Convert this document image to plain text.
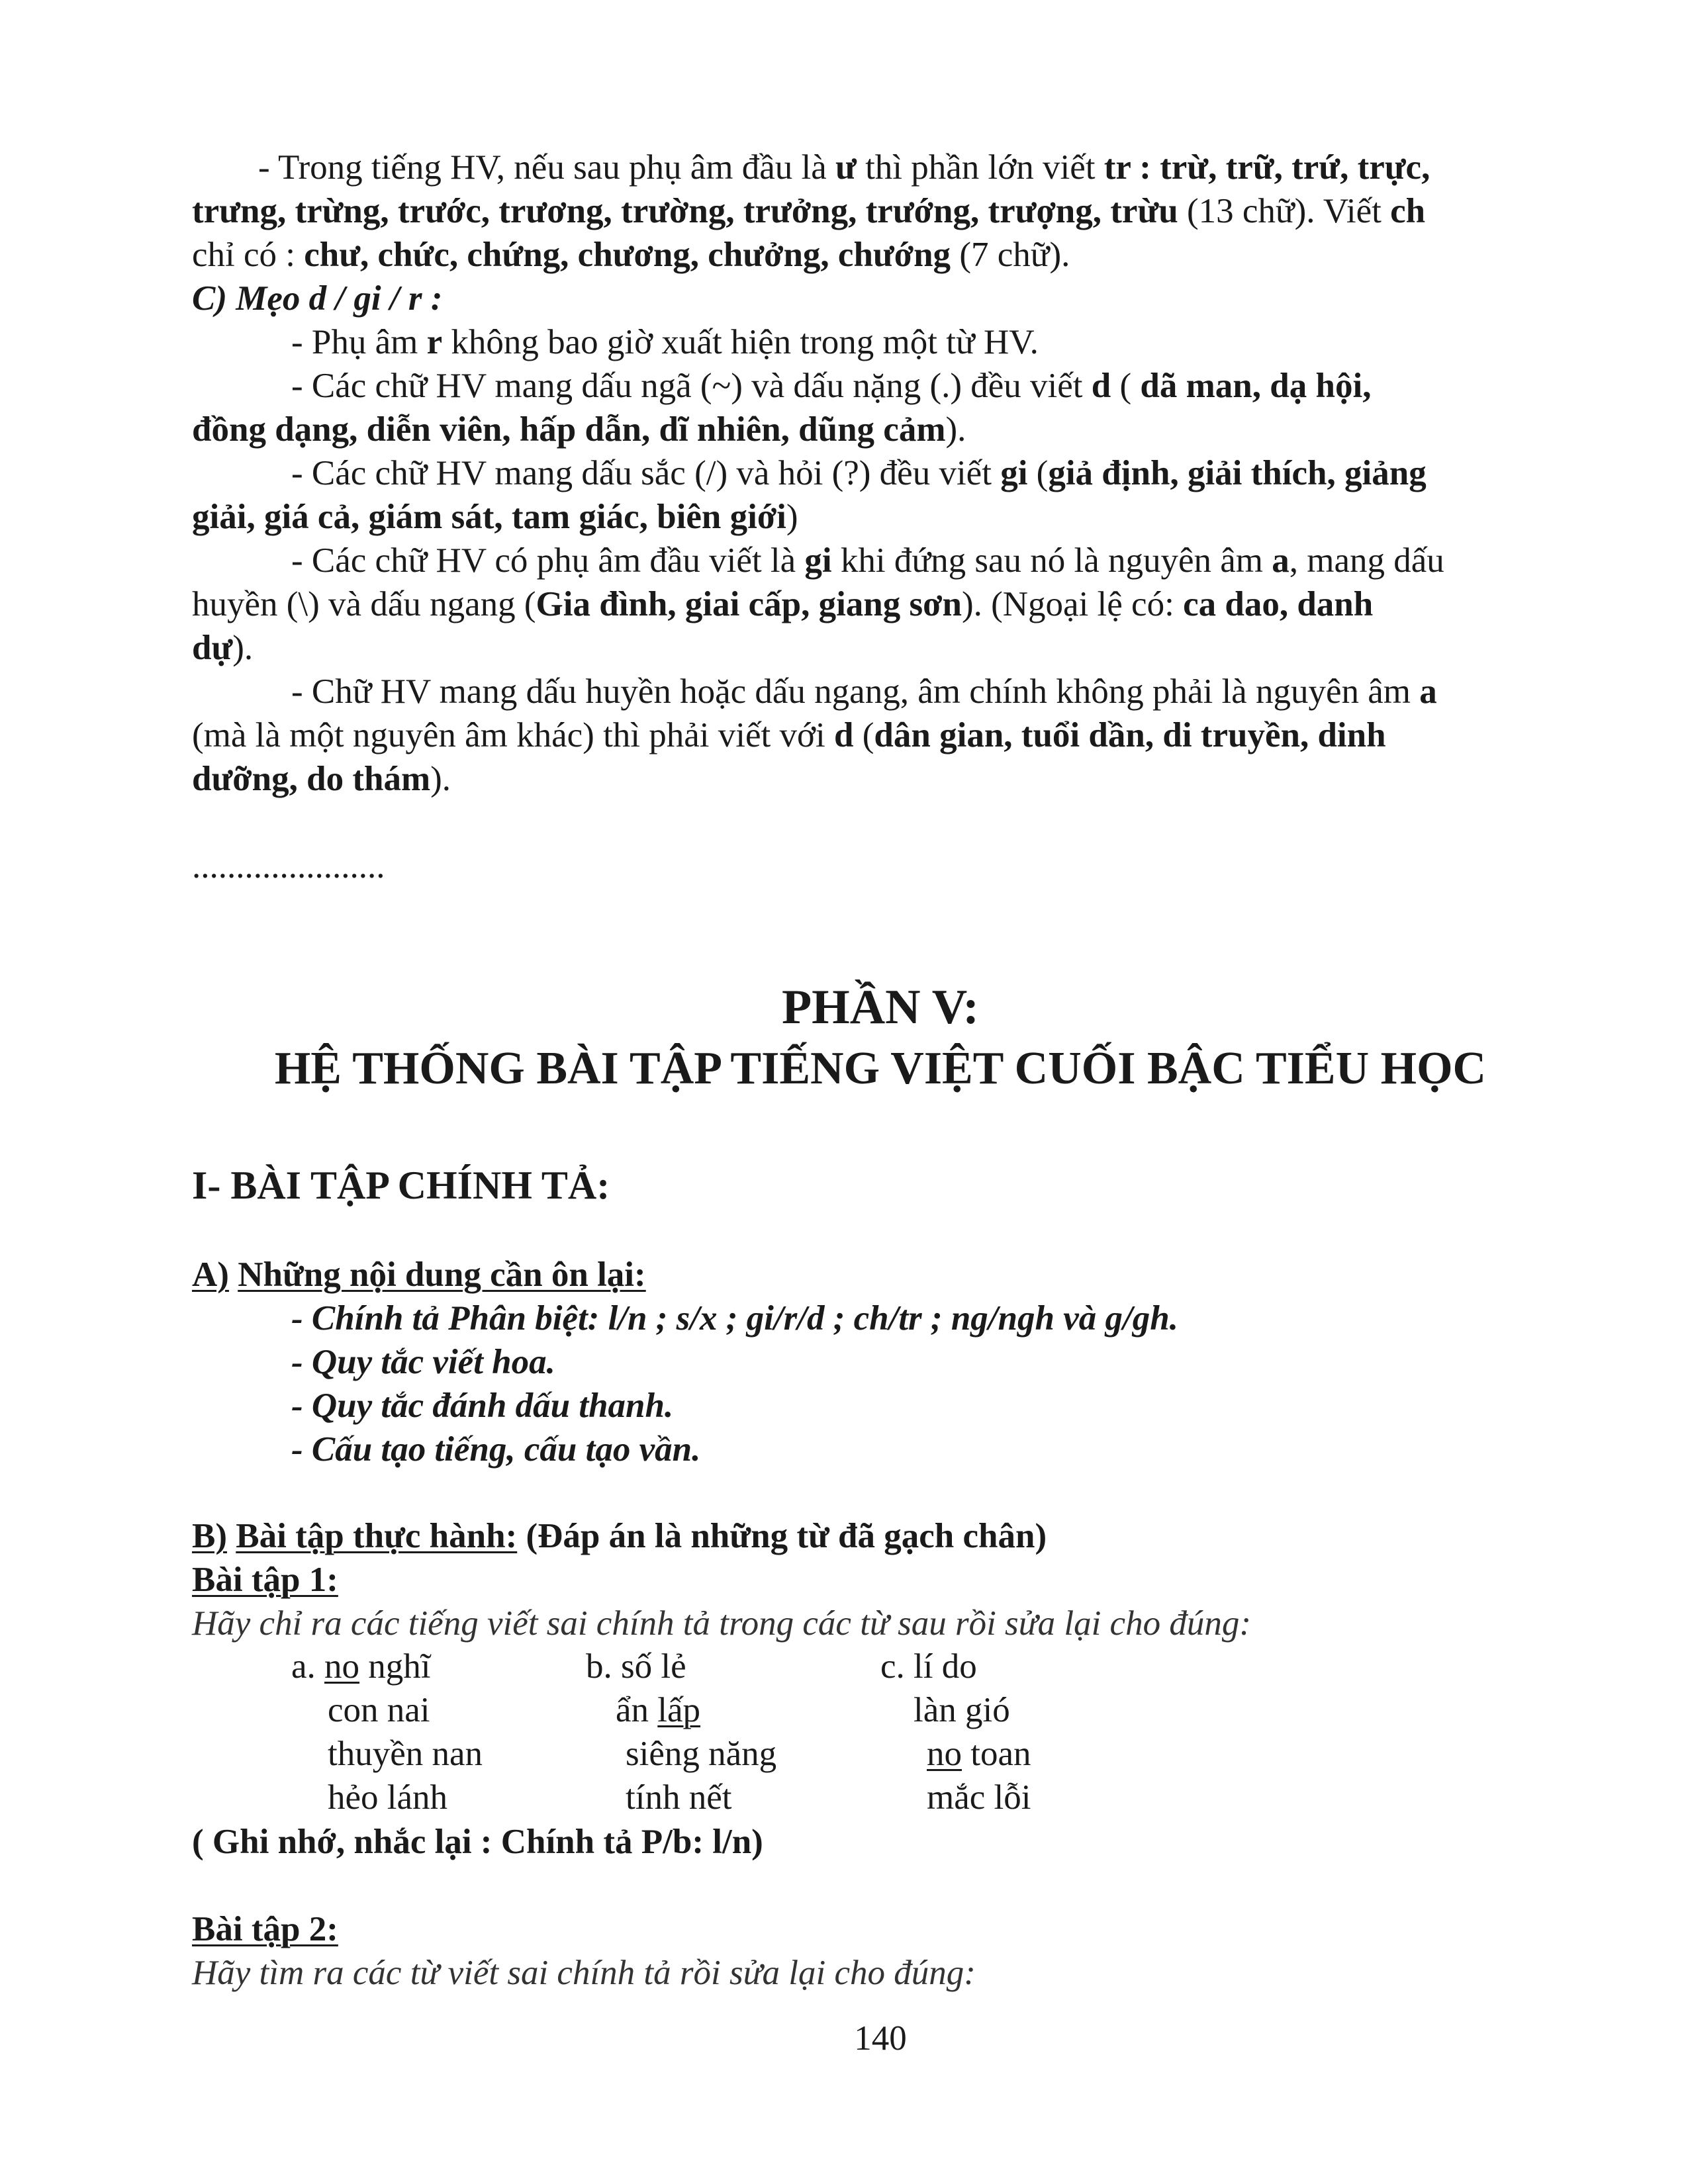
- Trong tiếng HV, nếu sau phụ âm đầu là ư thì phần lớn viết tr : trừ, trữ, trứ, trực,
trưng, trừng, trước, trương, trường, trưởng, trướng, trượng, trừu (13 chữ). Viết ch
chỉ có : chư, chức, chứng, chương, chưởng, chướng (7 chữ).
C) Mẹo d / gi / r :
- Phụ âm r không bao giờ xuất hiện trong một từ HV.
- Các chữ HV mang dấu ngã (~) và dấu nặng (.) đều viết d ( dã man, dạ hội,
đồng dạng, diễn viên, hấp dẫn, dĩ nhiên, dũng cảm).
- Các chữ HV mang dấu sắc (/) và hỏi (?) đều viết gi (giả định, giải thích, giảng
giải, giá cả, giám sát, tam giác, biên giới)
- Các chữ HV có phụ âm đầu viết là gi khi đứng sau nó là nguyên âm a, mang dấu
huyền (\) và dấu ngang (Gia đình, giai cấp, giang sơn). (Ngoại lệ có: ca dao, danh
dự).
- Chữ HV mang dấu huyền hoặc dấu ngang, âm chính không phải là nguyên âm a
(mà là một nguyên âm khác) thì phải viết với d (dân gian, tuổi dần, di truyền, dinh
dưỡng, do thám).
......................
PHẦN V:
HỆ THỐNG BÀI TẬP TIẾNG VIỆT CUỐI BẬC TIỂU HỌC
I- BÀI TẬP CHÍNH TẢ:
A) Những nội dung cần ôn lại:
- Chính tả Phân biệt: l/n ; s/x ; gi/r/d ; ch/tr ; ng/ngh và g/gh.
- Quy tắc viết hoa.
- Quy tắc đánh dấu thanh.
- Cấu tạo tiếng, cấu tạo vần.
B) Bài tập thực hành: (Đáp án là những từ đã gạch chân)
Bài tập 1:
Hãy chỉ ra các tiếng viết sai chính tả trong các từ sau rồi sửa lại cho đúng:
a. no nghĩ
con nai
thuyền nan
hẻo lánh
b. số lẻ
ẩn lấp
siêng năng
tính nết
c. lí do
làn gió
no toan
mắc lỗi
( Ghi nhớ, nhắc lại : Chính tả P/b: l/n)
Bài tập 2:
Hãy tìm ra các từ viết sai chính tả rồi sửa lại cho đúng:
140
